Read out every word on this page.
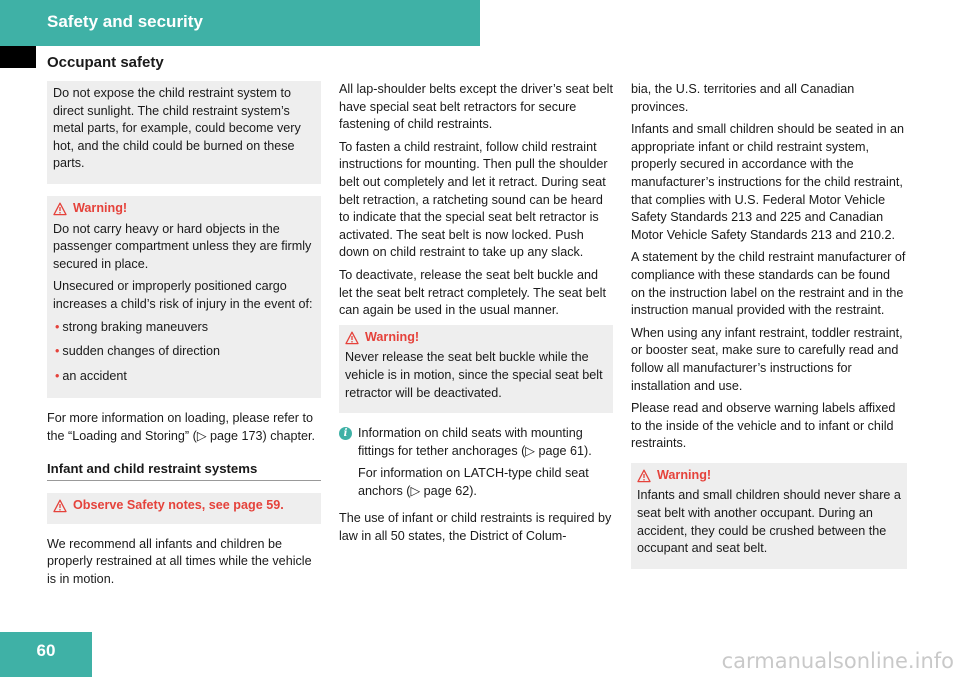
Safety and security
Occupant safety

Do not expose the child restraint system to direct sunlight. The child restraint system’s metal parts, for example, could become very hot, and the child could be burned on these parts.

Warning!

Do not carry heavy or hard objects in the passenger compartment unless they are firmly secured in place.

Unsecured or improperly positioned cargo increases a child’s risk of injury in the event of:

• strong braking maneuvers
• sudden changes of direction
• an accident

For more information on loading, please refer to the “Loading and Storing” (▷ page 173) chapter.

Infant and child restraint systems
Observe Safety notes, see page 59.

We recommend all infants and children be properly restrained at all times while the vehicle is in motion.

All lap-shoulder belts except the driver’s seat belt have special seat belt retractors for secure fastening of child restraints.

To fasten a child restraint, follow child restraint instructions for mounting. Then pull the shoulder belt out completely and let it retract. During seat belt retraction, a ratcheting sound can be heard to indicate that the special seat belt retractor is activated. The seat belt is now locked. Push down on child restraint to take up any slack.

To deactivate, release the seat belt buckle and let the seat belt retract completely. The seat belt can again be used in the usual manner.

Warning!

Never release the seat belt buckle while the vehicle is in motion, since the special seat belt retractor will be deactivated.

i Information on child seats with mounting fittings for tether anchorages (▷ page 61).

For information on LATCH-type child seat anchors (▷ page 62).

The use of infant or child restraints is required by law in all 50 states, the District of Colum-

bia, the U.S. territories and all Canadian provinces.

Infants and small children should be seated in an appropriate infant or child restraint system, properly secured in accordance with the manufacturer’s instructions for the child restraint, that complies with U.S. Federal Motor Vehicle Safety Standards 213 and 225 and Canadian Motor Vehicle Safety Standards 213 and 210.2.

A statement by the child restraint manufacturer of compliance with these standards can be found on the instruction label on the restraint and in the instruction manual provided with the restraint.

When using any infant restraint, toddler restraint, or booster seat, make sure to carefully read and follow all manufacturer’s instructions for installation and use.

Please read and observe warning labels affixed to the inside of the vehicle and to infant or child restraints.

Warning!

Infants and small children should never share a seat belt with another occupant. During an accident, they could be crushed between the occupant and seat belt.

60	carmanualsonline.info
